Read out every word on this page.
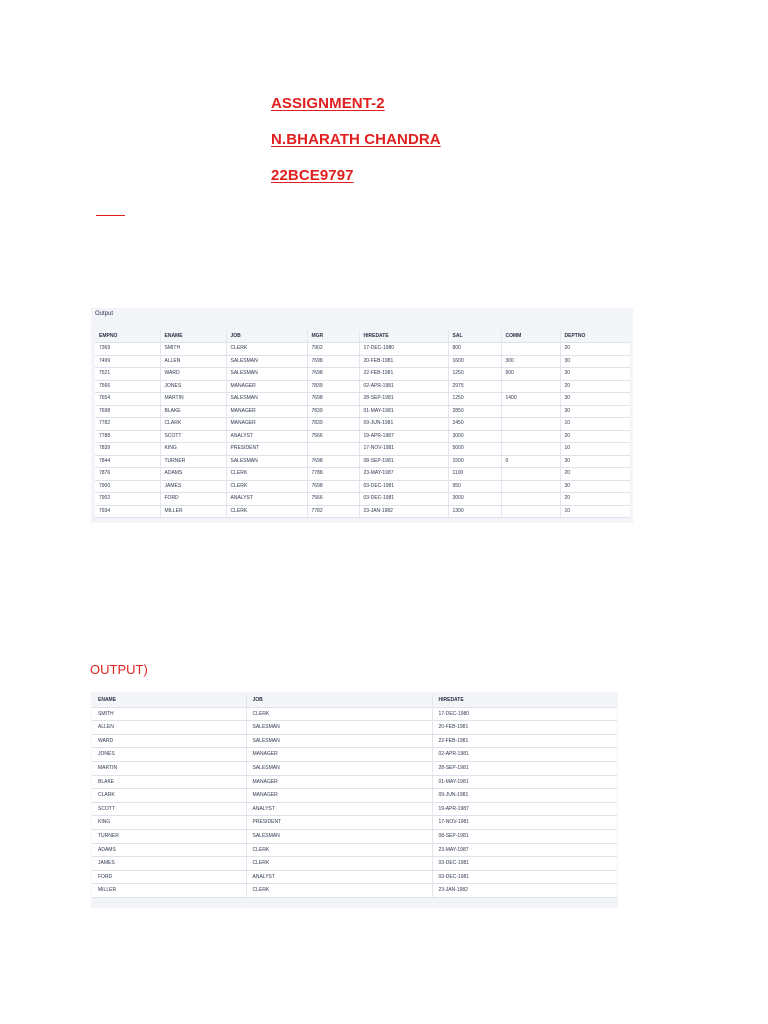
ASSIGNMENT-2
N.BHARATH CHANDRA
22BCE9797
Output
EMPNO	ENAME	JOB	MGR	HIREDATE	SAL	COMM	DEPTNO
7369	SMITH	CLERK	7902	17-DEC-1980	800		20
7499	ALLEN	SALESMAN	7698	20-FEB-1981	1600	300	30
7521	WARD	SALESMAN	7698	22-FEB-1981	1250	500	30
7566	JONES	MANAGER	7839	02-APR-1981	2975		20
7654	MARTIN	SALESMAN	7698	28-SEP-1981	1250	1400	30
7698	BLAKE	MANAGER	7839	01-MAY-1981	2850		30
7782	CLARK	MANAGER	7839	09-JUN-1981	2450		10
7788	SCOTT	ANALYST	7566	19-APR-1987	3000		20
7839	KING	PRESIDENT		17-NOV-1981	5000		10
7844	TURNER	SALESMAN	7698	08-SEP-1981	1500	0	30
7876	ADAMS	CLERK	7788	23-MAY-1987	1100		20
7900	JAMES	CLERK	7698	03-DEC-1981	950		30
7902	FORD	ANALYST	7566	03-DEC-1981	3000		20
7934	MILLER	CLERK	7782	23-JAN-1982	1300		10
OUTPUT)
ENAME	JOB	HIREDATE
SMITH	CLERK	17-DEC-1980
ALLEN	SALESMAN	20-FEB-1981
WARD	SALESMAN	22-FEB-1981
JONES	MANAGER	02-APR-1981
MARTIN	SALESMAN	28-SEP-1981
BLAKE	MANAGER	01-MAY-1981
CLARK	MANAGER	09-JUN-1981
SCOTT	ANALYST	19-APR-1987
KING	PRESIDENT	17-NOV-1981
TURNER	SALESMAN	08-SEP-1981
ADAMS	CLERK	23-MAY-1987
JAMES	CLERK	03-DEC-1981
FORD	ANALYST	03-DEC-1981
MILLER	CLERK	23-JAN-1982
